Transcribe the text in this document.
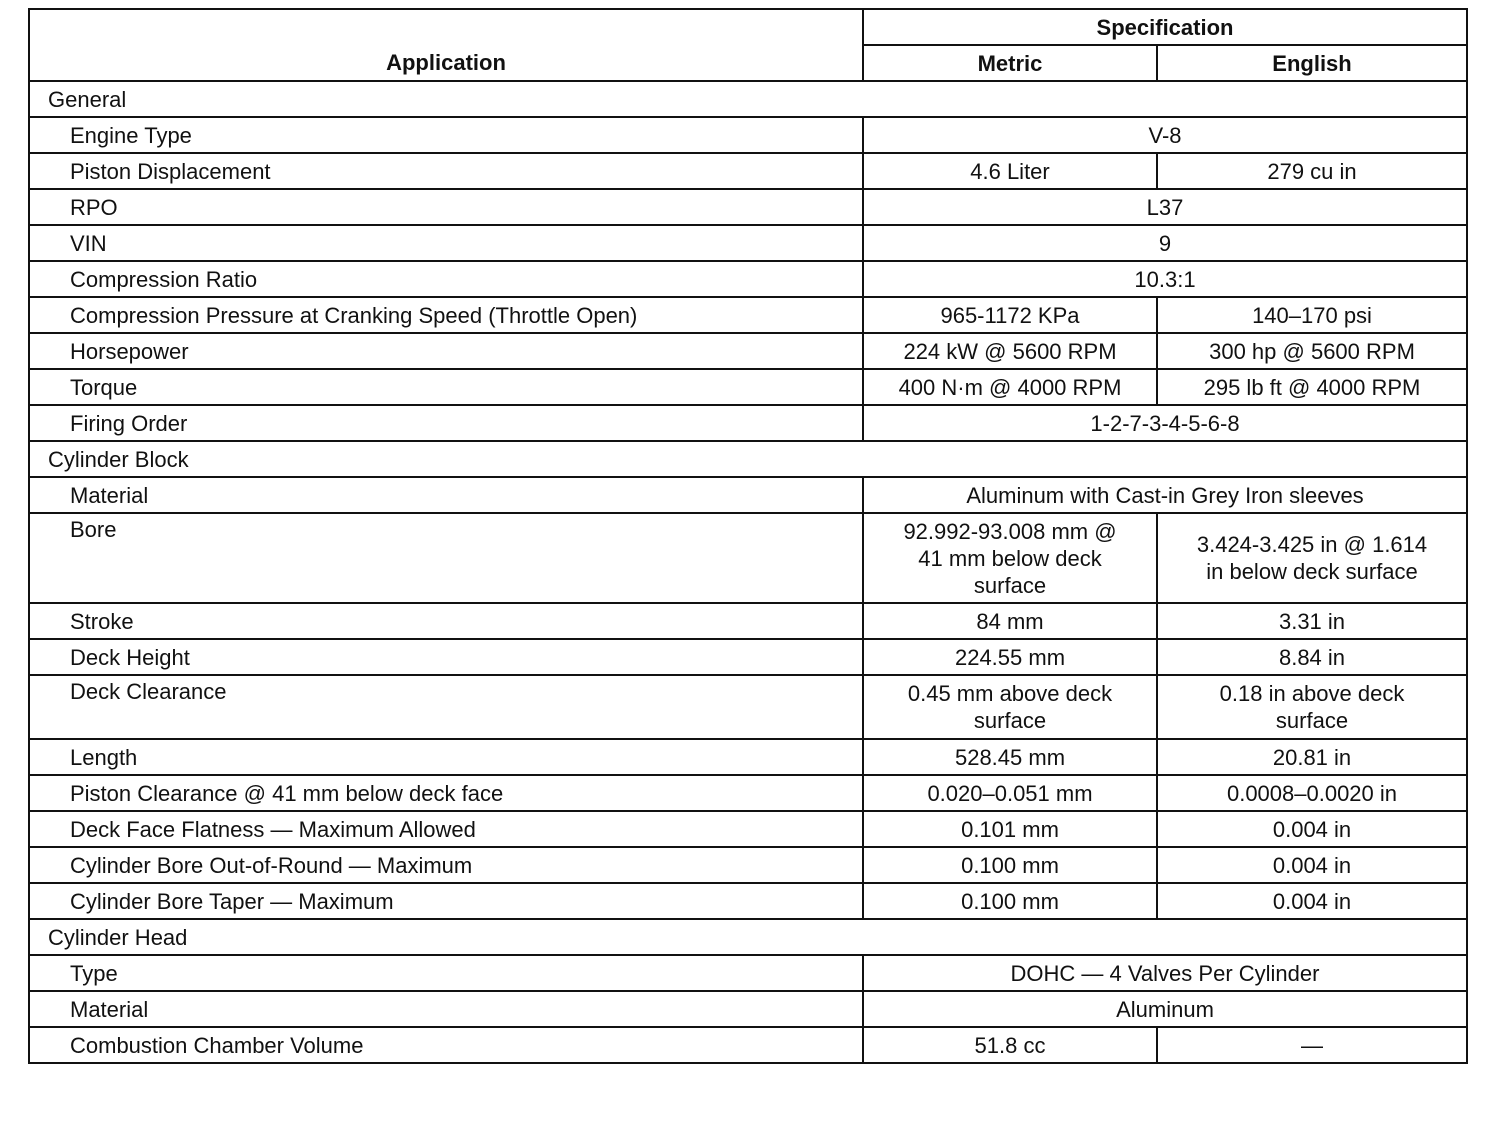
Application	Specification	
	Metric	English
General		
Engine Type	V-8	
Piston Displacement	4.6 Liter	279 cu in
RPO	L37	
VIN	9	
Compression Ratio	10.3:1	
Compression Pressure at Cranking Speed (Throttle Open)	965-1172 KPa	140–170 psi
Horsepower	224 kW @ 5600 RPM	300 hp @ 5600 RPM
Torque	400 N·m @ 4000 RPM	295 lb ft @ 4000 RPM
Firing Order	1-2-7-3-4-5-6-8	
Cylinder Block		
Material	Aluminum with Cast-in Grey Iron sleeves	
Bore	92.992-93.008 mm @ 41 mm below deck surface	3.424-3.425 in @ 1.614 in below deck surface
Stroke	84 mm	3.31 in
Deck Height	224.55 mm	8.84 in
Deck Clearance	0.45 mm above deck surface	0.18 in above deck surface
Length	528.45 mm	20.81 in
Piston Clearance @ 41 mm below deck face	0.020–0.051 mm	0.0008–0.0020 in
Deck Face Flatness — Maximum Allowed	0.101 mm	0.004 in
Cylinder Bore Out-of-Round — Maximum	0.100 mm	0.004 in
Cylinder Bore Taper — Maximum	0.100 mm	0.004 in
Cylinder Head		
Type	DOHC — 4 Valves Per Cylinder	
Material	Aluminum	
Combustion Chamber Volume	51.8 cc	—
